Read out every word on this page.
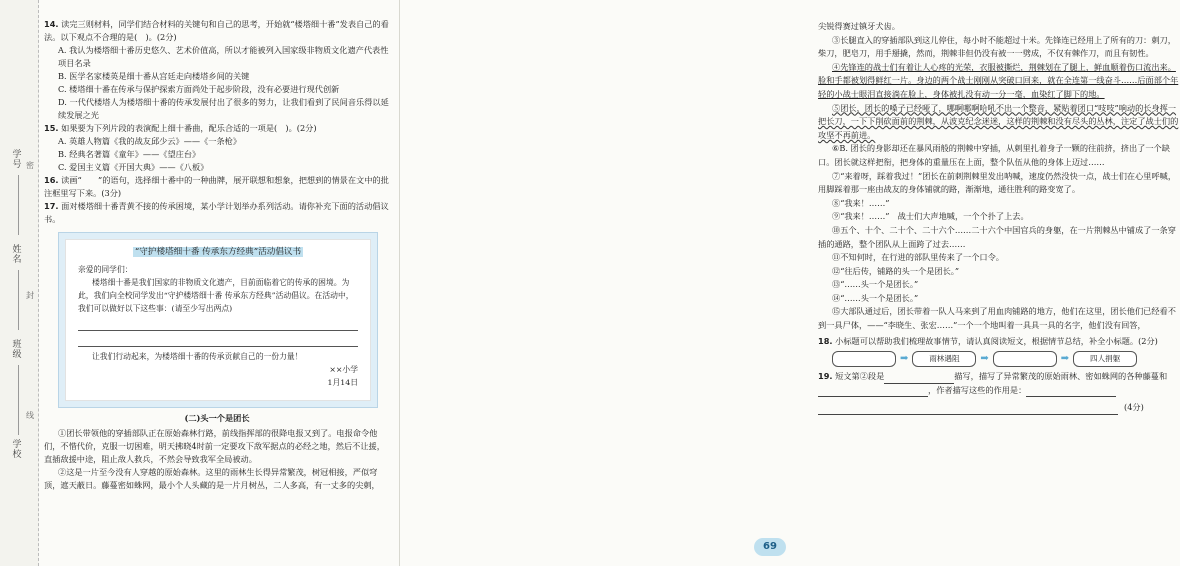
学号
姓名
班级
学校
密
封
线

14. 读完三则材料，同学们结合材料的关键句和自己的思考，开始就“楼塔细十番”发表自己的看法。以下观点不合理的是(　)。(2分)

A. 我认为楼塔细十番历史悠久、艺术价值高，所以才能被列入国家级非物质文化遗产代表性项目名录

B. 医学名家楼英是细十番从宫廷走向楼塔乡间的关键

C. 楼塔细十番在传承与保护探索方面尚处于起步阶段，没有必要进行现代创新

D. 一代代楼塔人为楼塔细十番的传承发展付出了很多的努力，让我们看到了民间音乐得以延续发展之光

15. 如果要为下列片段的表演配上细十番曲，配乐合适的一项是(　)。(2分)

A. 英雄人物篇《我的战友邱少云》——《一条枪》

B. 经典名著篇《童年》——《望庄台》

C. 爱国主义篇《开国大典》——《八板》

16. 读画“　　”的语句，选择细十番中的一种曲牌，展开联想和想象，把想到的情景在文中的批注框里写下来。(3分)

17. 面对楼塔细十番青黄不接的传承困境，某小学计划举办系列活动。请你补充下面的活动倡议书。

“守护楼塔细十番 传承东方经典”活动倡议书
亲爱的同学们：
楼塔细十番是我们国家的非物质文化遗产，目前面临着它的传承的困境。为此，我们向全校同学发出“守护楼塔细十番 传承东方经典”活动倡议。在活动中，我们可以做好以下这些事：(请至少写出两点)
让我们行动起来，为楼塔细十番的传承贡献自己的一份力量！
××小学
1月14日
(二)头一个是团长

①团长带领他的穿插部队正在原始森林行路，前线指挥部的很降电报又到了。电报命令他们，不惜代价，克服一切困难，明天拂晓4时前一定要攻下敌军据点的必经之地，然后不让援，直插敌援中途，阻止敌人救兵，不然会导致我军全局被动。

②这是一片至今没有人穿越的原始森林。这里的雨林生长得异常繁茂，树冠相接，严似穹顶，遮天蔽日。藤蔓密如蛛网，最小个人头藏的是一片月树丛，二人多高，有一丈多的尖刺，

尖锐得赛过镇牙犬齿。

③长腿直入的穿插部队到这儿停住，每小时不能超过十米。先锋连已经用上了所有的刀：刺刀，柴刀，肥皂刀，用手掰撬，然而，荆棘非但仍没有被一一劈成，不仅有棘作刀，而且有韧性。

④先锋连的战士们有着让人心疼的光荣，衣服被撕烂，荆棘划在了腿上，鲜血顺着伤口流出来。脸和手都被划得鲜红一片。身边的两个战士刚刚从突破口回来，就在全连第一线奋斗……后面部个年轻的小战士眼泪直接淌在脸上，身体被扎没有动一分一毫，血染红了脚下的地。

⑤团长，团长的嗓子已经哑了，哪啊哪啊哈吼不出一个整音，紧贴着团口“吱吱”响动的长身挥一把长刀，一下下削砍面前的荆棘，从波克纪念迷迷，这样的荆棘和没有尽头的丛林，注定了战士们的攻坚不再前进。

⑥B. 团长的身影却还在暴风雨般的荆棘中穿插，从刺里扎着身子一颗的往前挤，挤出了一个缺口。团长就这样把衔，把身体的重量压在上面，整个队伍从他的身体上迈过……

⑦“来着呀，踩着我过！”团长在前刺荆棘里发出呐喊，速度仍然没快一点，战士们在心里呼喊，用脚踩着那一座由战友的身体铺就的路，渐渐地，通往胜利的路变宽了。

⑧“我来！……”

⑨“我来！……”　战士们大声地喊，一个个扑了上去。

⑩五个、十个、二十个、二十六个……二十六个中国官兵的身躯，在一片荆棘丛中铺成了一条穿插的通路，整个团队从上面跨了过去……

⑪不知何时，在行进的部队里传来了一个口令。

⑫“往后传，铺路的头一个是团长。”

⑬“……头一个是团长。”

⑭“……头一个是团长。”

⑮大部队通过后，团长带着一队人马来到了用血肉铺路的地方，他们在这里，团长他们已经看不到一具尸体，——“李晓生、张宏……”一个一个地叫着一具具一具的名字，他们没有回答，

18. 小标题可以帮助我们梳理故事情节，请认真阅读短文，根据情节总结，补全小标题。(2分)

➡	雨林遇阻	➡	➡	四人捐躯

19. 短文第②段是	描写，描写了异常繁茂的原始雨林、密如蛛网的各种藤蔓和 ，作者描写这些的作用是：

(4分)
69
